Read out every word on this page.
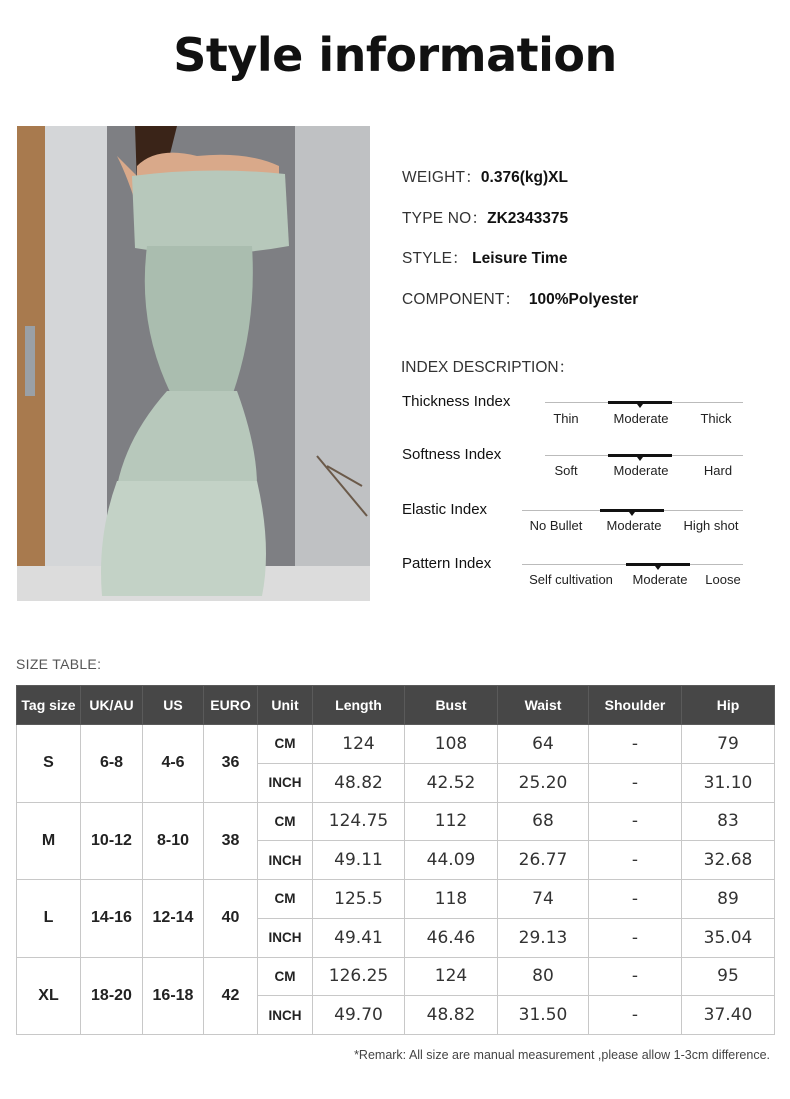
Style information
WEIGHT：0.376(kg)XL
TYPE NO：ZK2343375
STYLE： Leisure Time
COMPONENT： 100%Polyester
INDEX DESCRIPTION：
Thickness Index
Thin	Moderate Thick
Softness Index
Soft	Moderate	Hard
Elastic Index
No Bullet Moderate High shot
Pattern Index
Self cultivation Moderate Loose
SIZE TABLE:
Tag size	UK/AU	US	EURO	Unit	Length	Bust	Waist	Shoulder	Hip
S	6-8	4-6	36	CM	124	108	64	-	79
				INCH	48.82	42.52	25.20	-	31.10
M	10-12	8-10	38	CM	124.75	112	68	-	83
				INCH	49.11	44.09	26.77	-	32.68
L	14-16	12-14	40	CM	125.5	118	74	-	89
				INCH	49.41	46.46	29.13	-	35.04
XL	18-20	16-18	42	CM	126.25	124	80	-	95
				INCH	49.70	48.82	31.50	-	37.40
*Remark: All size are manual measurement ,please allow 1-3cm difference.
